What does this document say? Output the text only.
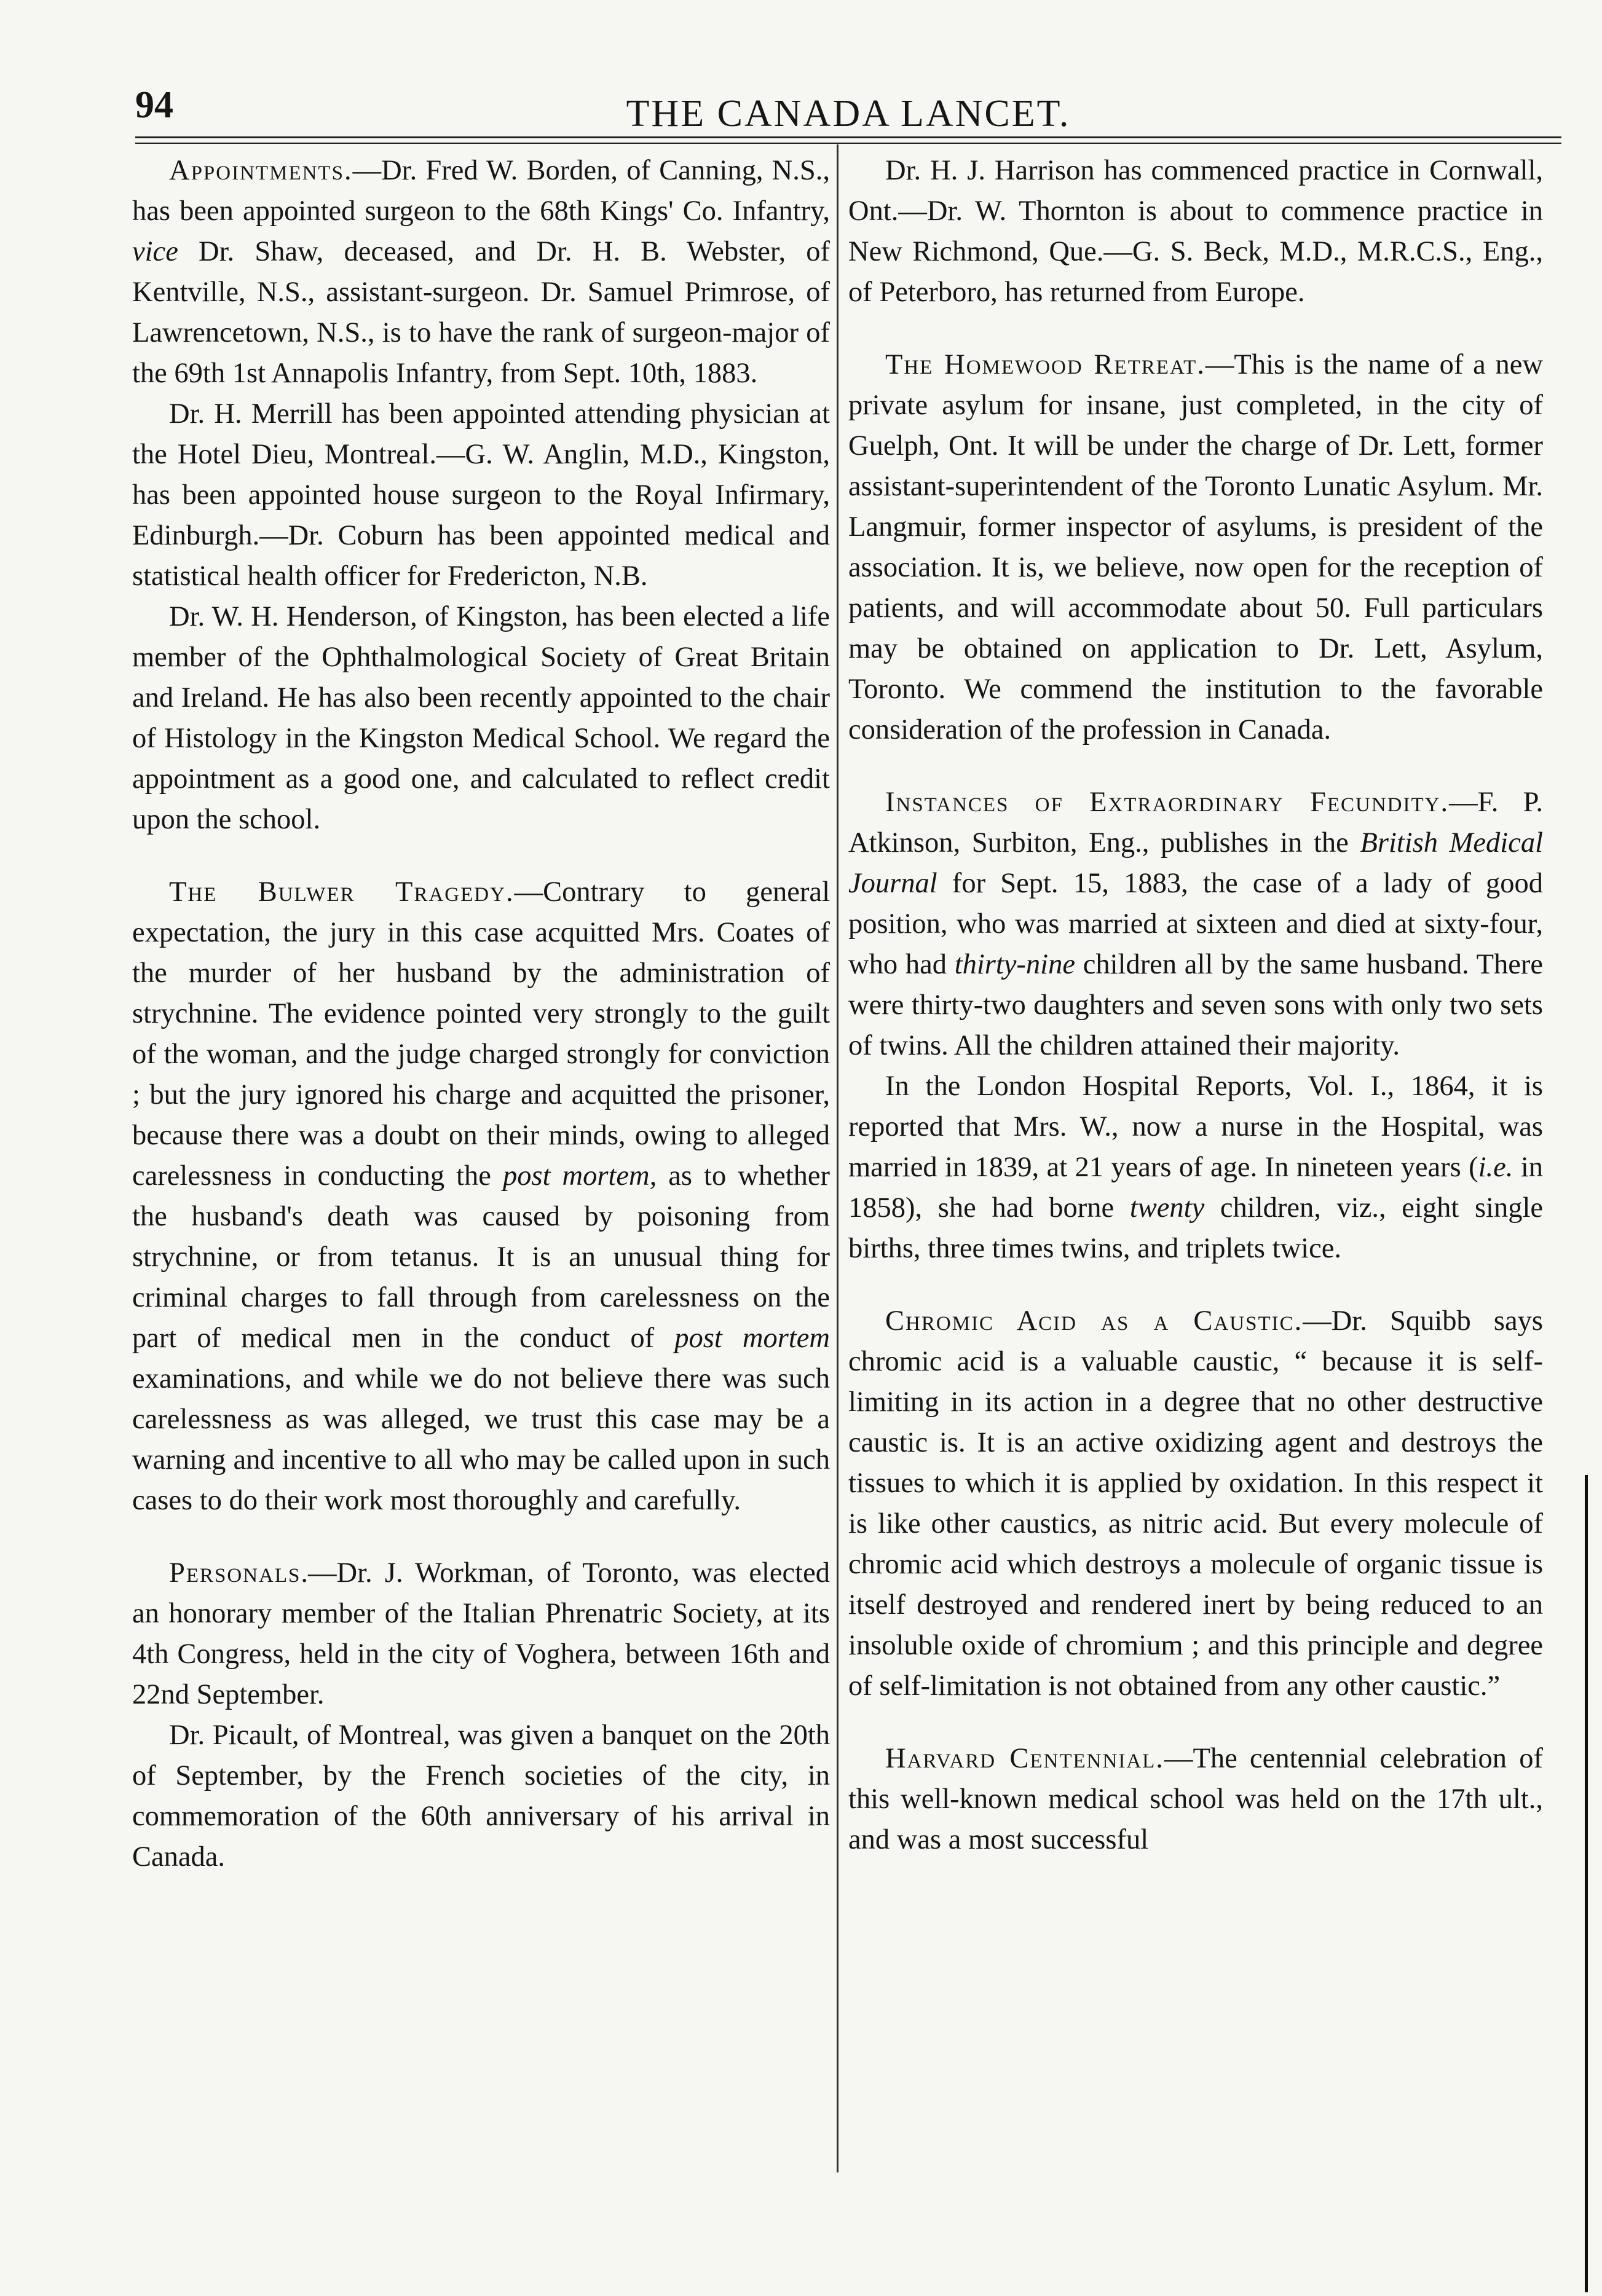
94	THE CANADA LANCET.

Appointments.—Dr. Fred W. Borden, of Canning, N.S., has been appointed surgeon to the 68th Kings' Co. Infantry, vice Dr. Shaw, deceased, and Dr. H. B. Webster, of Kentville, N.S., assistant-surgeon. Dr. Samuel Primrose, of Lawrencetown, N.S., is to have the rank of surgeon-major of the 69th 1st Annapolis Infantry, from Sept. 10th, 1883.

Dr. H. Merrill has been appointed attending physician at the Hotel Dieu, Montreal.—G. W. Anglin, M.D., Kingston, has been appointed house surgeon to the Royal Infirmary, Edinburgh.—Dr. Coburn has been appointed medical and statistical health officer for Fredericton, N.B.

Dr. W. H. Henderson, of Kingston, has been elected a life member of the Ophthalmological Society of Great Britain and Ireland. He has also been recently appointed to the chair of Histology in the Kingston Medical School. We regard the appointment as a good one, and calculated to reflect credit upon the school.

The Bulwer Tragedy.—Contrary to general expectation, the jury in this case acquitted Mrs. Coates of the murder of her husband by the administration of strychnine. The evidence pointed very strongly to the guilt of the woman, and the judge charged strongly for conviction ; but the jury ignored his charge and acquitted the prisoner, because there was a doubt on their minds, owing to alleged carelessness in conducting the post mortem, as to whether the husband's death was caused by poisoning from strychnine, or from tetanus. It is an unusual thing for criminal charges to fall through from carelessness on the part of medical men in the conduct of post mortem examinations, and while we do not believe there was such carelessness as was alleged, we trust this case may be a warning and incentive to all who may be called upon in such cases to do their work most thoroughly and carefully.

Personals.—Dr. J. Workman, of Toronto, was elected an honorary member of the Italian Phrenatric Society, at its 4th Congress, held in the city of Voghera, between 16th and 22nd September.

Dr. Picault, of Montreal, was given a banquet on the 20th of September, by the French societies of the city, in commemoration of the 60th anniversary of his arrival in Canada.

Dr. H. J. Harrison has commenced practice in Cornwall, Ont.—Dr. W. Thornton is about to commence practice in New Richmond, Que.—G. S. Beck, M.D., M.R.C.S., Eng., of Peterboro, has returned from Europe.

The Homewood Retreat.—This is the name of a new private asylum for insane, just completed, in the city of Guelph, Ont. It will be under the charge of Dr. Lett, former assistant-superintendent of the Toronto Lunatic Asylum. Mr. Langmuir, former inspector of asylums, is president of the association. It is, we believe, now open for the reception of patients, and will accommodate about 50. Full particulars may be obtained on application to Dr. Lett, Asylum, Toronto. We commend the institution to the favorable consideration of the profession in Canada.

Instances of Extraordinary Fecundity.—F. P. Atkinson, Surbiton, Eng., publishes in the British Medical Journal for Sept. 15, 1883, the case of a lady of good position, who was married at sixteen and died at sixty-four, who had thirty-nine children all by the same husband. There were thirty-two daughters and seven sons with only two sets of twins. All the children attained their majority.

In the London Hospital Reports, Vol. I., 1864, it is reported that Mrs. W., now a nurse in the Hospital, was married in 1839, at 21 years of age. In nineteen years (i.e. in 1858), she had borne twenty children, viz., eight single births, three times twins, and triplets twice.

Chromic Acid as a Caustic.—Dr. Squibb says chromic acid is a valuable caustic, “ because it is self-limiting in its action in a degree that no other destructive caustic is. It is an active oxidizing agent and destroys the tissues to which it is applied by oxidation. In this respect it is like other caustics, as nitric acid. But every molecule of chromic acid which destroys a molecule of organic tissue is itself destroyed and rendered inert by being reduced to an insoluble oxide of chromium ; and this principle and degree of self-limitation is not obtained from any other caustic.”

Harvard Centennial.—The centennial celebration of this well-known medical school was held on the 17th ult., and was a most successful
